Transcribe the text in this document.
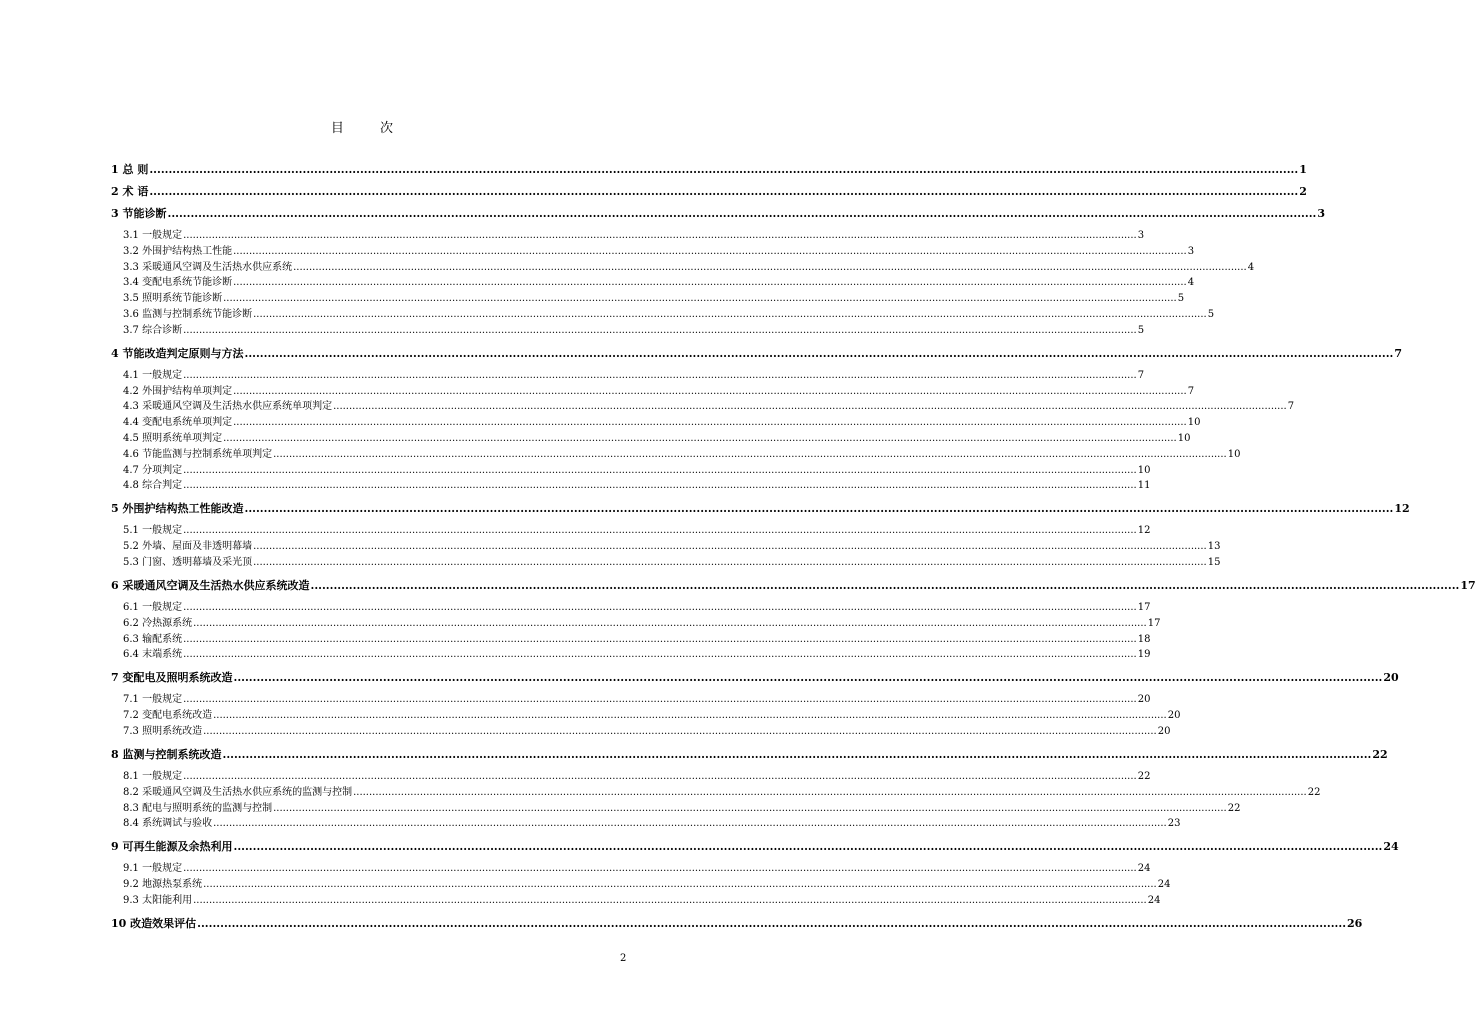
目 次
1 总 则 ............................................................................................................................................................................................................................................................................................................ 1
2 术 语 ............................................................................................................................................................................................................................................................................................................ 2
3 节能诊断 ............................................................................................................................................................................................................................................................................................................ 3
3.1 一般规定 ............................................................................................................................................................................................................................................................................................................ 3
3.2 外围护结构热工性能 ............................................................................................................................................................................................................................................................................................................ 3
3.3 采暖通风空调及生活热水供应系统 ............................................................................................................................................................................................................................................................................................................ 4
3.4 变配电系统节能诊断 ............................................................................................................................................................................................................................................................................................................ 4
3.5 照明系统节能诊断 ............................................................................................................................................................................................................................................................................................................ 5
3.6 监测与控制系统节能诊断 ............................................................................................................................................................................................................................................................................................................ 5
3.7 综合诊断 ............................................................................................................................................................................................................................................................................................................ 5
4 节能改造判定原则与方法 ............................................................................................................................................................................................................................................................................................................ 7
4.1 一般规定 ............................................................................................................................................................................................................................................................................................................ 7
4.2 外围护结构单项判定 ............................................................................................................................................................................................................................................................................................................ 7
4.3 采暖通风空调及生活热水供应系统单项判定 ............................................................................................................................................................................................................................................................................................................ 7
4.4 变配电系统单项判定 ............................................................................................................................................................................................................................................................................................................ 10
4.5 照明系统单项判定 ............................................................................................................................................................................................................................................................................................................ 10
4.6 节能监测与控制系统单项判定 ............................................................................................................................................................................................................................................................................................................ 10
4.7 分项判定 ............................................................................................................................................................................................................................................................................................................ 10
4.8 综合判定 ............................................................................................................................................................................................................................................................................................................ 11
5 外围护结构热工性能改造 ............................................................................................................................................................................................................................................................................................................ 12
5.1 一般规定 ............................................................................................................................................................................................................................................................................................................ 12
5.2 外墙、屋面及非透明幕墙 ............................................................................................................................................................................................................................................................................................................ 13
5.3 门窗、透明幕墙及采光顶 ............................................................................................................................................................................................................................................................................................................ 15
6 采暖通风空调及生活热水供应系统改造 ............................................................................................................................................................................................................................................................................................................ 17
6.1 一般规定 ............................................................................................................................................................................................................................................................................................................ 17
6.2 冷热源系统 ............................................................................................................................................................................................................................................................................................................ 17
6.3 输配系统 ............................................................................................................................................................................................................................................................................................................ 18
6.4 末端系统 ............................................................................................................................................................................................................................................................................................................ 19
7 变配电及照明系统改造 ............................................................................................................................................................................................................................................................................................................ 20
7.1 一般规定 ............................................................................................................................................................................................................................................................................................................ 20
7.2 变配电系统改造 ............................................................................................................................................................................................................................................................................................................ 20
7.3 照明系统改造 ............................................................................................................................................................................................................................................................................................................ 20
8 监测与控制系统改造 ............................................................................................................................................................................................................................................................................................................ 22
8.1 一般规定 ............................................................................................................................................................................................................................................................................................................ 22
8.2 采暖通风空调及生活热水供应系统的监测与控制 ............................................................................................................................................................................................................................................................................................................ 22
8.3 配电与照明系统的监测与控制 ............................................................................................................................................................................................................................................................................................................ 22
8.4 系统调试与验收 ............................................................................................................................................................................................................................................................................................................ 23
9 可再生能源及余热利用 ............................................................................................................................................................................................................................................................................................................ 24
9.1 一般规定 ............................................................................................................................................................................................................................................................................................................ 24
9.2 地源热泵系统 ............................................................................................................................................................................................................................................................................................................ 24
9.3 太阳能利用 ............................................................................................................................................................................................................................................................................................................ 24
10 改造效果评估 ............................................................................................................................................................................................................................................................................................................ 26
2
